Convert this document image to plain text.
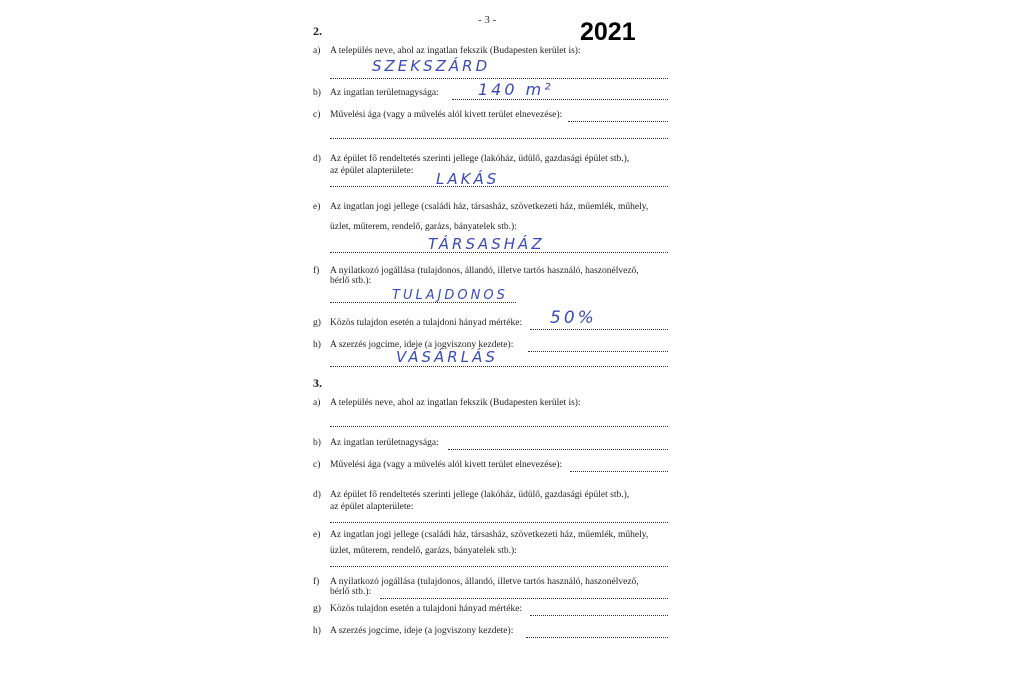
- 3 -	2021
2.
a) A település neve, ahol az ingatlan fekszik (Budapesten kerület is):
SZEKSZÁRD
b) Az ingatlan területnagysága: 140 m²
c) Művelési ága (vagy a művelés alól kivett terület elnevezése):
d) Az épület fő rendeltetés szerinti jellege (lakóház, üdülő, gazdasági épület stb.),
az épület alapterülete: LAKÁS
e) Az ingatlan jogi jellege (családi ház, társasház, szövetkezeti ház, műemlék, műhely,
üzlet, műterem, rendelő, garázs, bányatelek stb.):
TÁRSASHÁZ
f) A nyilatkozó jogállása (tulajdonos, állandó, illetve tartós használó, haszonélvező,
bérlő stb.):
TULAJDONOS
g) Közös tulajdon esetén a tulajdoni hányad mértéke: 50%
h) A szerzés jogcíme, ideje (a jogviszony kezdete):
VÁSÁRLÁS
3.
a) A település neve, ahol az ingatlan fekszik (Budapesten kerület is):
b) Az ingatlan területnagysága:
c) Művelési ága (vagy a művelés alól kivett terület elnevezése):
d) Az épület fő rendeltetés szerinti jellege (lakóház, üdülő, gazdasági épület stb.),
az épület alapterülete:
e) Az ingatlan jogi jellege (családi ház, társasház, szövetkezeti ház, műemlék, műhely,
üzlet, műterem, rendelő, garázs, bányatelek stb.):
f) A nyilatkozó jogállása (tulajdonos, állandó, illetve tartós használó, haszonélvező,
bérlő stb.):
g) Közös tulajdon esetén a tulajdoni hányad mértéke:
h) A szerzés jogcíme, ideje (a jogviszony kezdete):
